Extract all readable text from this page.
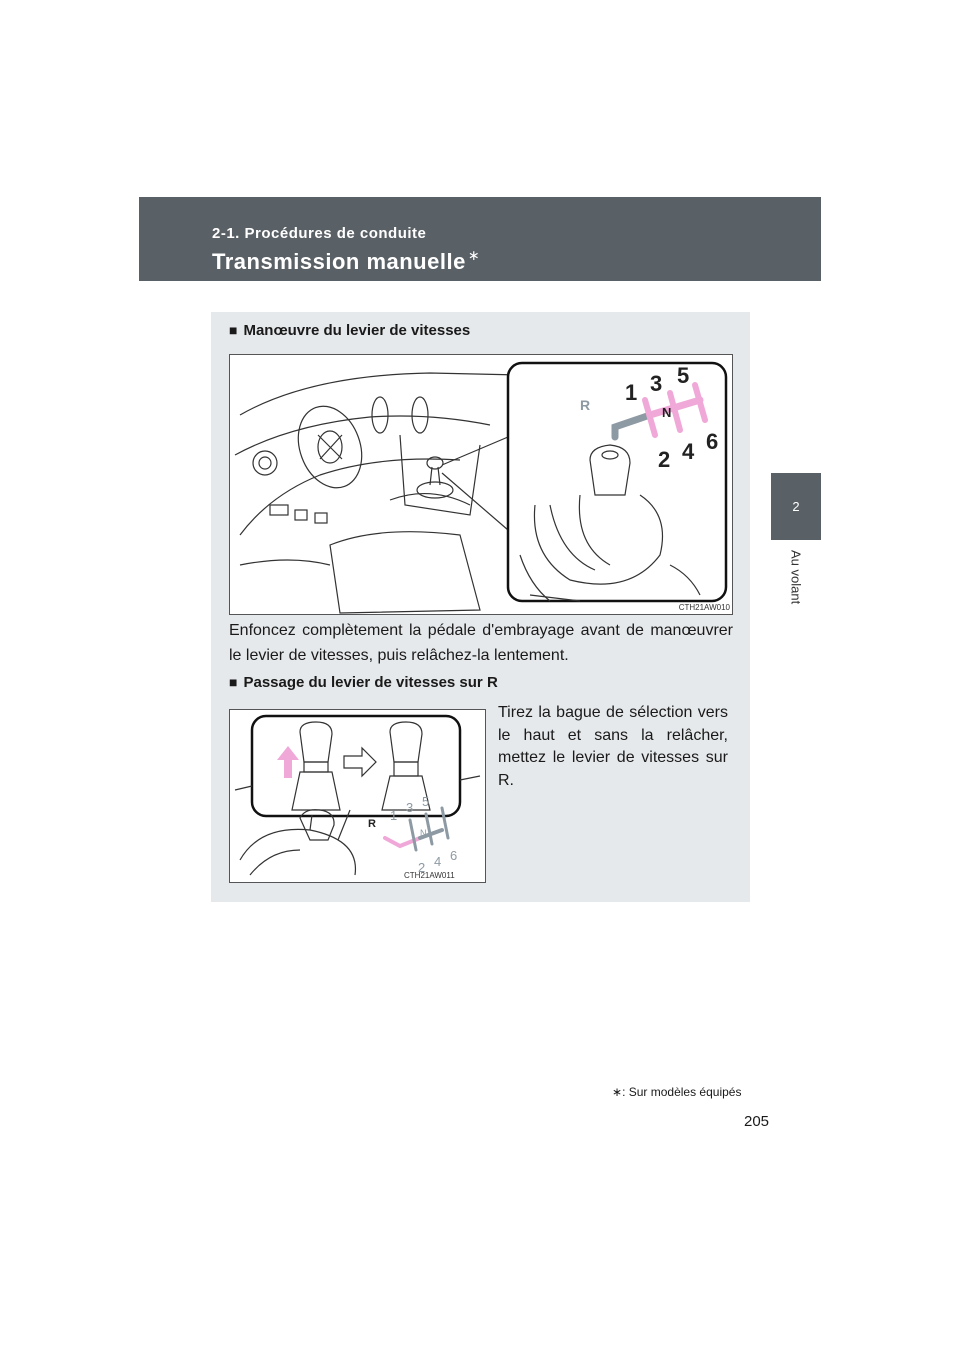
2-1. Procédures de conduite
Transmission manuelle ∗
2
Au volant
■ Manœuvre du levier de vitesses
R 1 3 5
N
2 4 6
CTH21AW010
Enfoncez complètement la pédale d'embrayage avant de manœuvrer le levier de vitesses, puis relâchez-la lentement.
■ Passage du levier de vitesses sur R
R
1
3 5
N
2 4 6
CTH21AW011
Tirez la bague de sélection vers le haut et sans la relâcher, mettez le levier de vitesses sur R.
∗: Sur modèles équipés
205
